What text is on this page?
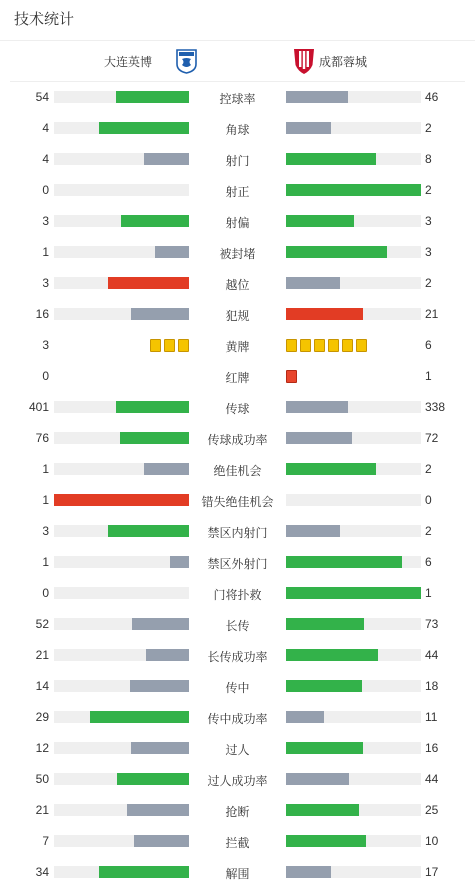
技术统计
大连英博	成都蓉城
54	控球率	46
4	角球	2
4	射门	8
0	射正	2
3	射偏	3
1	被封堵	3
3	越位	2
16	犯规	21
3	黄牌	6
0	红牌	1
401	传球	338
76	传球成功率	72
1	绝佳机会	2
1	错失绝佳机会	0
3	禁区内射门	2
1	禁区外射门	6
0	门将扑救	1
52	长传	73
21	长传成功率	44
14	传中	18
29	传中成功率	11
12	过人	16
50	过人成功率	44
21	抢断	25
7	拦截	10
34	解围	17
